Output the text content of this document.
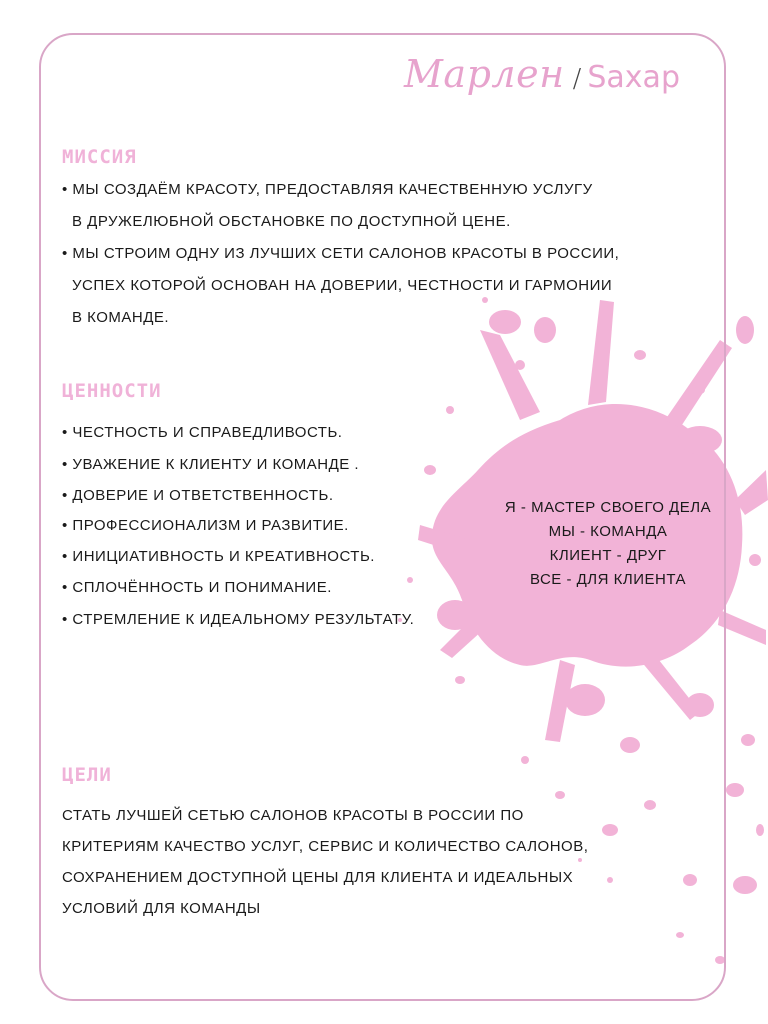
Марлен / Saxap
МИССИЯ
• МЫ СОЗДАЁМ КРАСОТУ, ПРЕДОСТАВЛЯЯ КАЧЕСТВЕННУЮ УСЛУГУ
В ДРУЖЕЛЮБНОЙ ОБСТАНОВКЕ ПО ДОСТУПНОЙ ЦЕНЕ.
• МЫ СТРОИМ ОДНУ ИЗ ЛУЧШИХ СЕТИ САЛОНОВ КРАСОТЫ В РОССИИ,
УСПЕХ КОТОРОЙ ОСНОВАН НА ДОВЕРИИ, ЧЕСТНОСТИ И ГАРМОНИИ
В КОМАНДЕ.
ЦЕННОСТИ
• ЧЕСТНОСТЬ И СПРАВЕДЛИВОСТЬ.
• УВАЖЕНИЕ К КЛИЕНТУ И КОМАНДЕ .
• ДОВЕРИЕ И ОТВЕТСТВЕННОСТЬ.
• ПРОФЕССИОНАЛИЗМ И РАЗВИТИЕ.
• ИНИЦИАТИВНОСТЬ И КРЕАТИВНОСТЬ.
• СПЛОЧЁННОСТЬ И ПОНИМАНИЕ.
• СТРЕМЛЕНИЕ К ИДЕАЛЬНОМУ РЕЗУЛЬТАТУ.
Я - МАСТЕР СВОЕГО ДЕЛА
МЫ - КОМАНДА
КЛИЕНТ - ДРУГ
ВСЕ - ДЛЯ КЛИЕНТА
ЦЕЛИ
СТАТЬ ЛУЧШЕЙ СЕТЬЮ САЛОНОВ КРАСОТЫ В РОССИИ ПО
КРИТЕРИЯМ КАЧЕСТВО УСЛУГ, СЕРВИС И КОЛИЧЕСТВО САЛОНОВ,
СОХРАНЕНИЕМ ДОСТУПНОЙ ЦЕНЫ ДЛЯ КЛИЕНТА И ИДЕАЛЬНЫХ
УСЛОВИЙ ДЛЯ КОМАНДЫ
